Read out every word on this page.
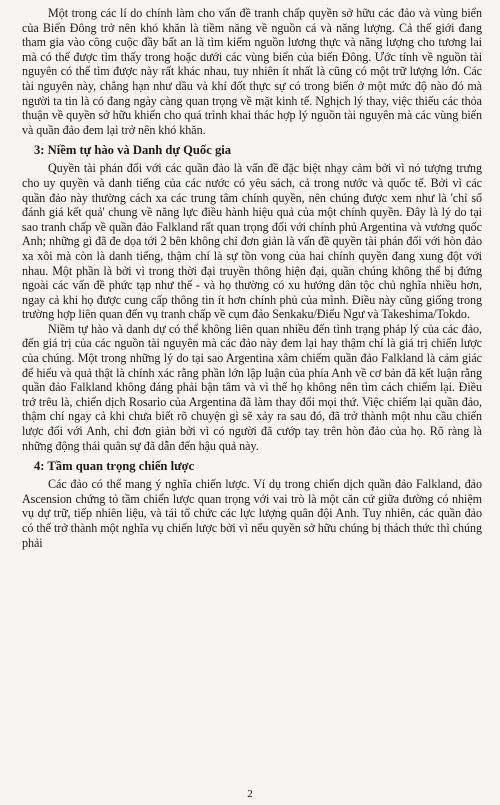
Một trong các lí do chính làm cho vấn đề tranh chấp quyền sở hữu các đảo và vùng biển của Biển Đông trở nên khó khăn là tiềm năng về nguồn cá và năng lượng. Cả thế giới đang tham gia vào công cuộc đầy bất an là tìm kiếm nguồn lương thực và năng lượng cho tương lai mà có thể được tìm thấy trong hoặc dưới các vùng biển của biển Đông. Ước tính về nguồn tài nguyên có thể tìm được này rất khác nhau, tuy nhiên ít nhất là cũng có một trữ lượng lớn. Các tài nguyên này, chẳng hạn như dầu và khí đốt thực sự có trong biển ở một mức độ nào đó mà người ta tin là có đang ngày càng quan trọng về mặt kinh tế. Nghịch lý thay, việc thiếu các thỏa thuận về quyền sở hữu khiến cho quá trình khai thác hợp lý nguồn tài nguyên mà các vùng biển và quần đảo đem lại trở nên khó khăn.

3: Niềm tự hào và Danh dự Quốc gia

Quyền tài phán đối với các quần đảo là vấn đề đặc biệt nhạy cảm bởi vì nó tượng trưng cho uy quyền và danh tiếng của các nước có yêu sách, cả trong nước và quốc tế. Bởi vì các quần đảo này thường cách xa các trung tâm chính quyền, nên chúng được xem như là 'chỉ số đánh giá kết quả' chung về năng lực điều hành hiệu quả của một chính quyền. Đây là lý do tại sao tranh chấp về quần đảo Falkland rất quan trọng đối với chính phủ Argentina và vương quốc Anh; những gì đã đe dọa tới 2 bên không chỉ đơn giản là vấn đề quyền tài phán đối với hòn đảo xa xôi mà còn là danh tiếng, thậm chí là sự tồn vong của hai chính quyền đang xung đột với nhau. Một phần là bởi vì trong thời đại truyền thông hiện đại, quần chúng không thể bị đứng ngoài các vấn đề phức tạp như thế - và họ thường có xu hướng dân tộc chủ nghĩa nhiều hơn, ngay cả khi họ được cung cấp thông tin ít hơn chính phủ của mình. Điều này cũng giống trong trường hợp liên quan đến vụ tranh chấp về cụm đảo Senkaku/Điếu Ngư và Takeshima/Tokdo.

Niềm tự hào và danh dự có thể không liên quan nhiều đến tình trạng pháp lý của các đảo, đến giá trị của các nguồn tài nguyên mà các đảo này đem lại hay thậm chí là giá trị chiến lược của chúng. Một trong những lý do tại sao Argentina xâm chiếm quần đảo Falkland là cảm giác để hiểu và quả thật là chính xác rằng phần lớn lập luận của phía Anh về cơ bản đã kết luận rằng quần đảo Falkland không đáng phải bận tâm và vì thế họ không nên tìm cách chiếm lại. Điều trớ trêu là, chiến dịch Rosario của Argentina đã làm thay đổi mọi thứ. Việc chiếm lại quần đảo, thậm chí ngay cả khi chưa biết rõ chuyện gì sẽ xảy ra sau đó, đã trở thành một nhu cầu chiến lược đối với Anh, chỉ đơn giản bởi vì có người đã cướp tay trên hòn đảo của họ. Rõ ràng là những động thái quân sự đã dẫn đến hậu quả này.

4: Tầm quan trọng chiến lược

Các đảo có thể mang ý nghĩa chiến lược. Ví dụ trong chiến dịch quần đảo Falkland, đảo Ascension chứng tỏ tầm chiến lược quan trọng với vai trò là một căn cứ giữa đường có nhiệm vụ dự trữ, tiếp nhiên liệu, và tái tổ chức các lực lượng quân đội Anh. Tuy nhiên, các quần đảo có thể trở thành một nghĩa vụ chiến lược bởi vì nếu quyền sở hữu chúng bị thách thức thì chúng phải

2
